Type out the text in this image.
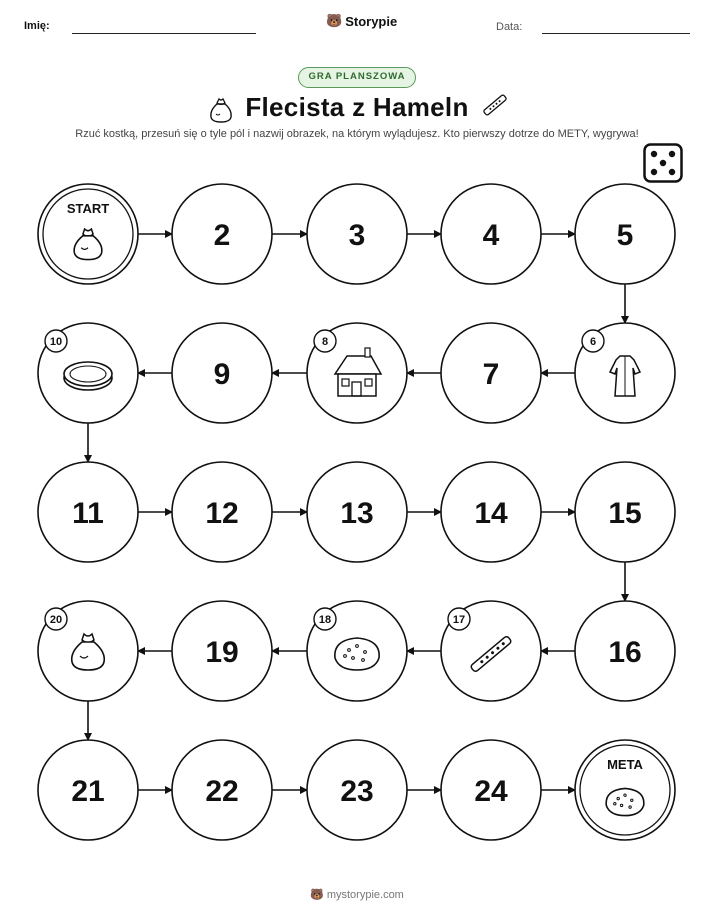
Imię:	🐻 Storypie	Data:
GRA PLANSZOWA
Flecista z Hameln
Rzuć kostką, przesuń się o tyle pól i nazwij obrazek, na którym wylądujesz. Kto pierwszy dotrze do METY, wygrywa!
START
2	3	4	5
6
7
8
9
10
11	12	13	14	15
16
17
18
19
20
21	22	23	24
META
🐻 mystorypie.com
